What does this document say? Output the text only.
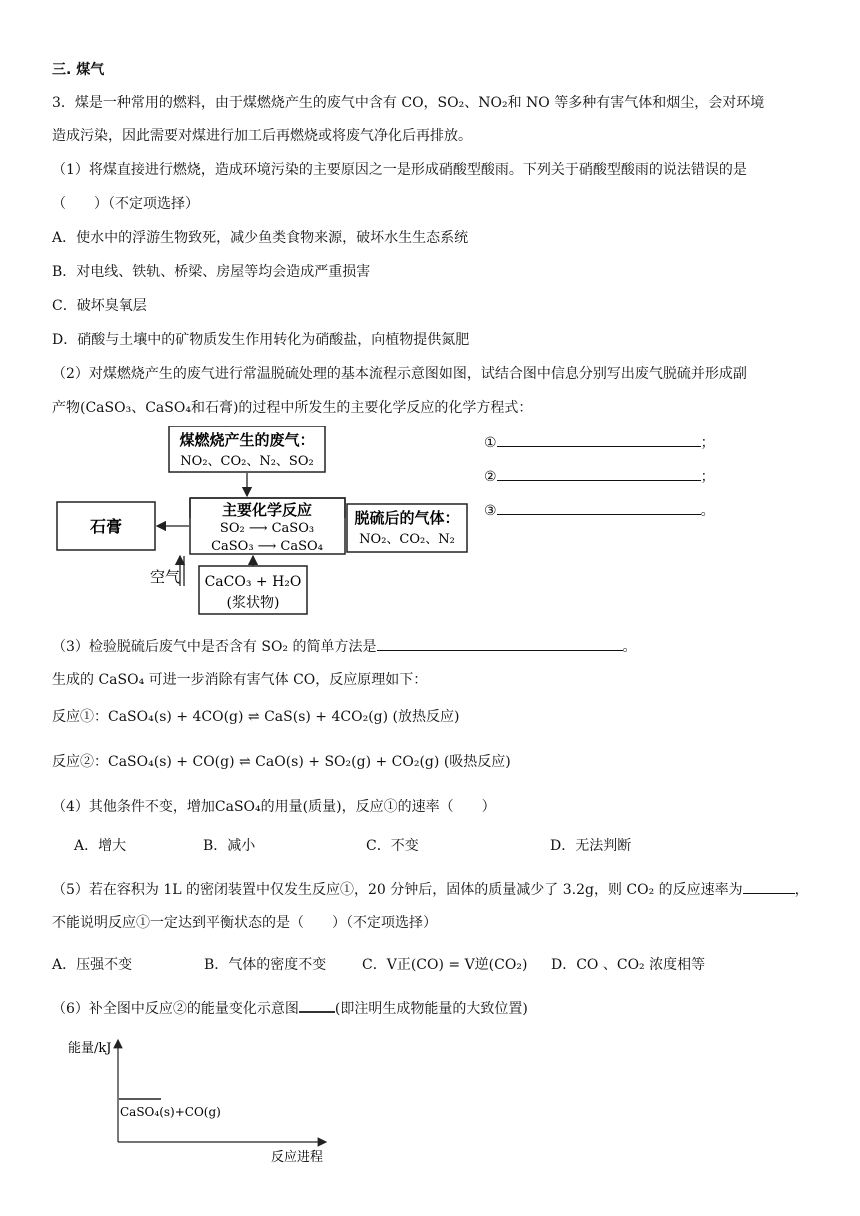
三. 煤气
3．煤是一种常用的燃料，由于煤燃烧产生的废气中含有 CO，SO₂、NO₂和 NO 等多种有害气体和烟尘，会对环境
造成污染，因此需要对煤进行加工后再燃烧或将废气净化后再排放。
（1）将煤直接进行燃烧，造成环境污染的主要原因之一是形成硝酸型酸雨。下列关于硝酸型酸雨的说法错误的是
（　　）（不定项选择）
A．使水中的浮游生物致死，减少鱼类食物来源，破坏水生生态系统
B．对电线、铁轨、桥梁、房屋等均会造成严重损害
C．破坏臭氧层
D．硝酸与土壤中的矿物质发生作用转化为硝酸盐，向植物提供氮肥
（2）对煤燃烧产生的废气进行常温脱硫处理的基本流程示意图如图，试结合图中信息分别写出废气脱硫并形成副
产物(CaSO₃、CaSO₄和石膏)的过程中所发生的主要化学反应的化学方程式：
煤燃烧产生的废气：
NO₂、CO₂、N₂、SO₂
主要化学反应
SO₂ ⟶ CaSO₃
CaSO₃ ⟶ CaSO₄
石膏	脱硫后的气体：
NO₂、CO₂、N₂
空气 CaCO₃ + H₂O
(浆状物)
①	；
②	；
③	。
（3）检验脱硫后废气中是否含有 SO₂ 的简单方法是	。
生成的 CaSO₄ 可进一步消除有害气体 CO，反应原理如下：
反应①：CaSO₄(s) + 4CO(g) ⇌ CaS(s) + 4CO₂(g) (放热反应)
反应②：CaSO₄(s) + CO(g) ⇌ CaO(s) + SO₂(g) + CO₂(g) (吸热反应)
（4）其他条件不变，增加CaSO₄的用量(质量)，反应①的速率（　　）
A．增大	B．减小	C．不变	D．无法判断
（5）若在容积为 1L 的密闭装置中仅发生反应①，20 分钟后，固体的质量减少了 3.2g，则 CO₂ 的反应速率为	，
不能说明反应①一定达到平衡状态的是（　　）（不定项选择）
A．压强不变	B．气体的密度不变	C．V正(CO) = V逆(CO₂) D．CO 、CO₂ 浓度相等
（6）补全图中反应②的能量变化示意图	(即注明生成物能量的大致位置)
能量/kJ
反应进程
CaSO₄(s)+CO(g)
